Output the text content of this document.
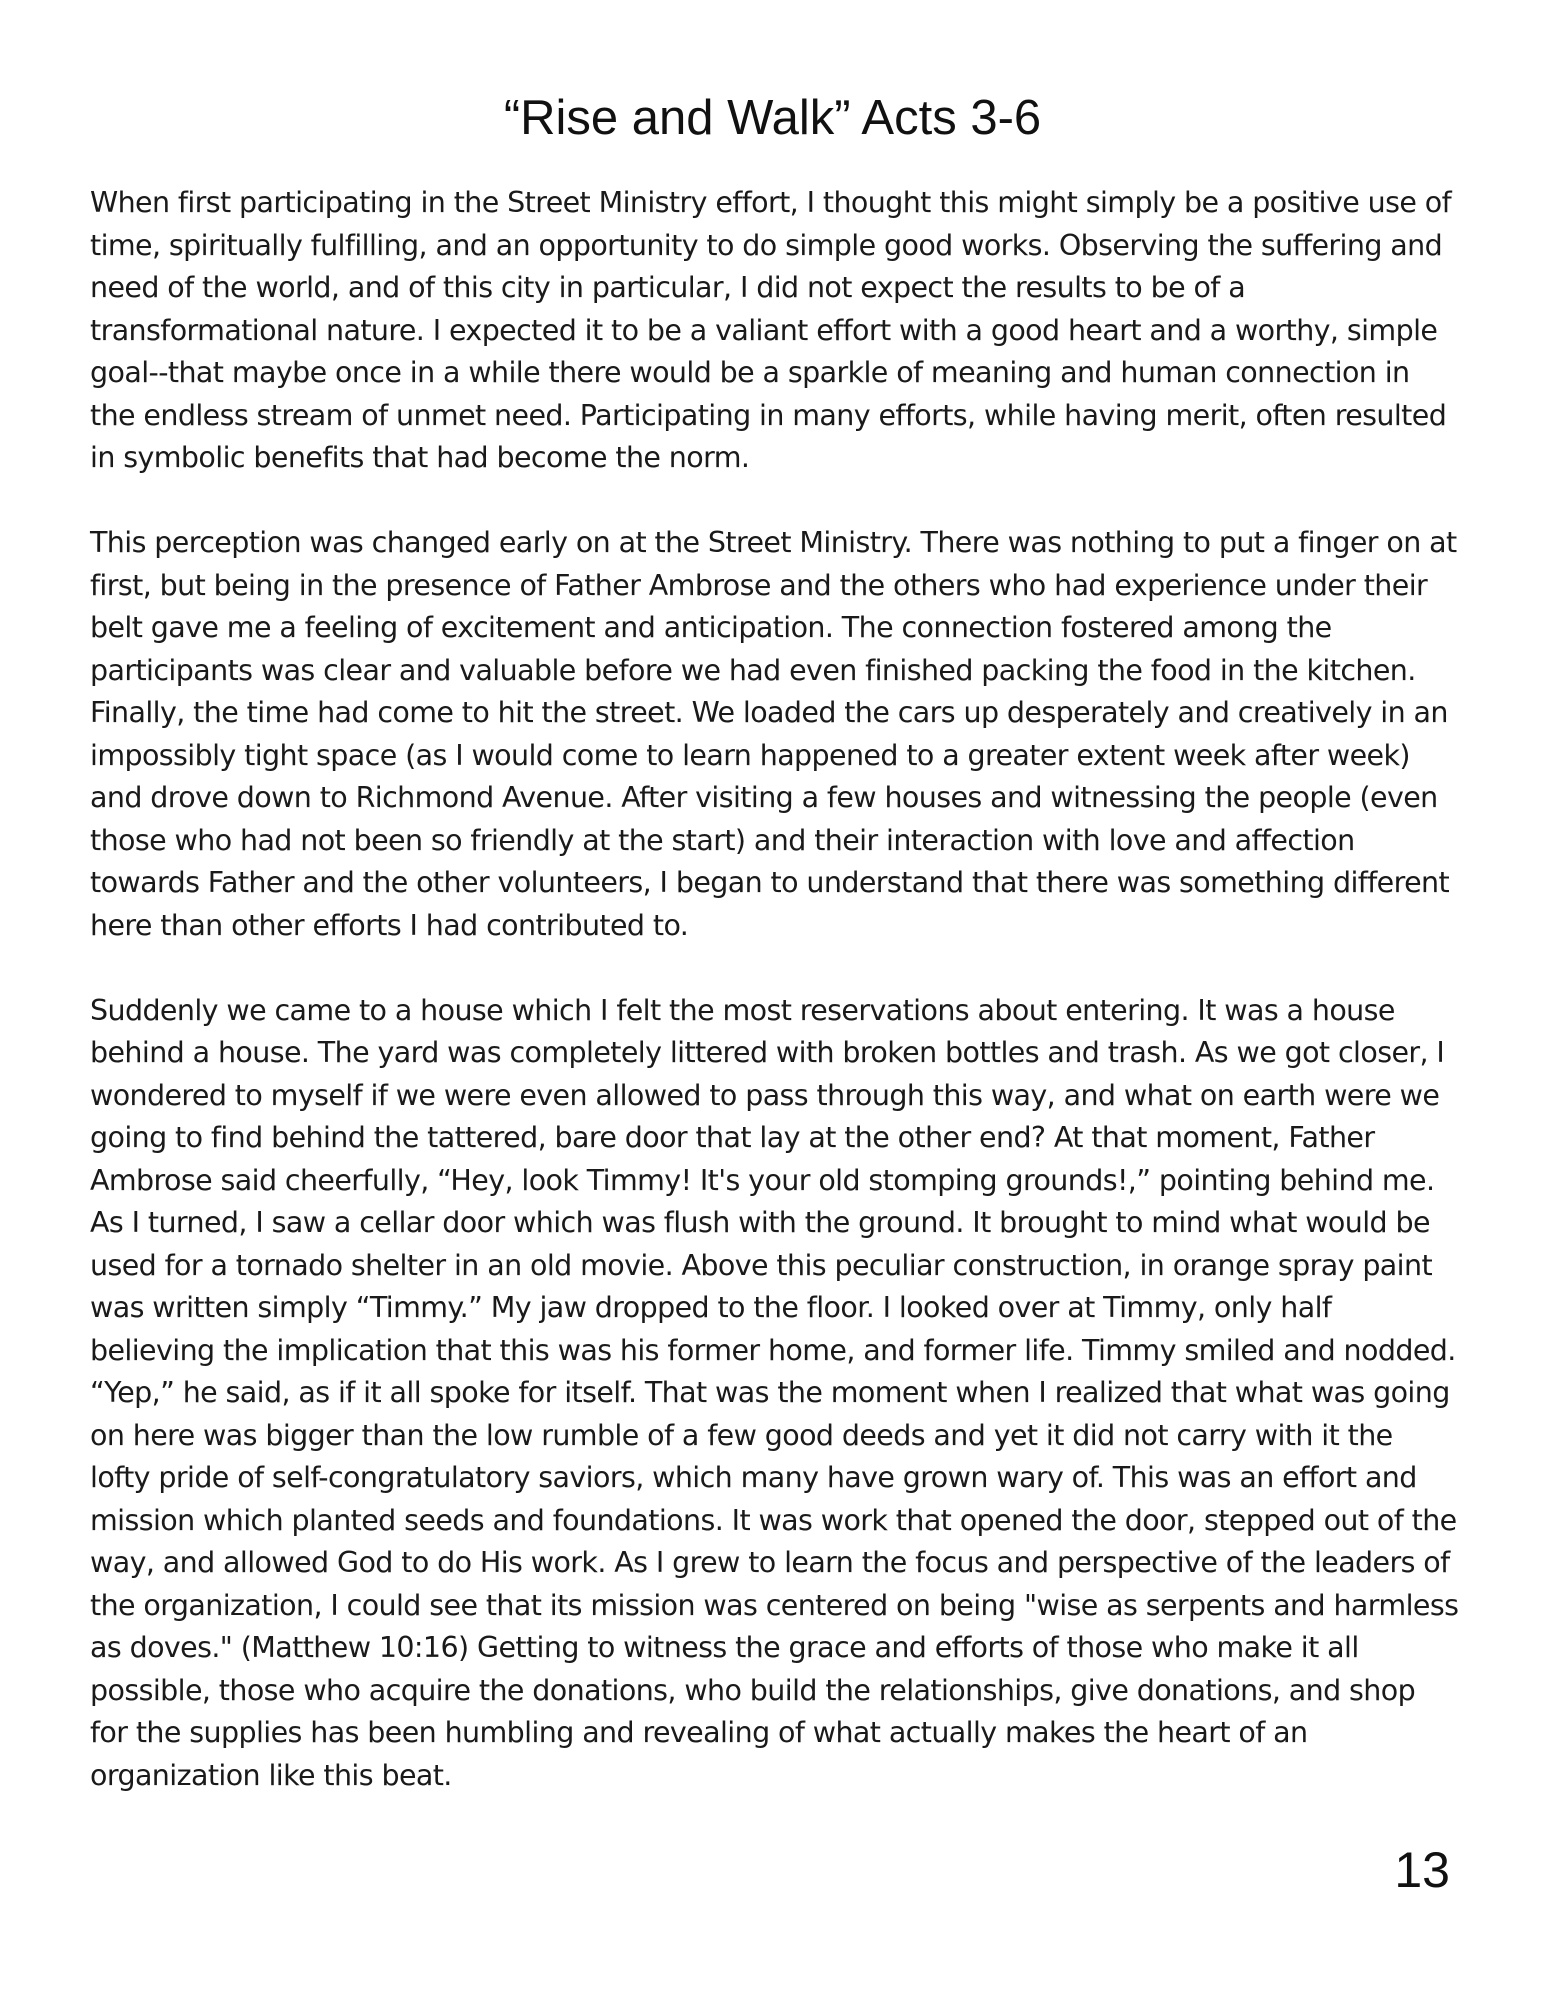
“Rise and Walk” Acts 3-6

When first participating in the Street Ministry effort, I thought this might simply be a positive use of time, spiritually fulfilling, and an opportunity to do simple good works. Observing the suffering and need of the world, and of this city in particular, I did not expect the results to be of a transformational nature. I expected it to be a valiant effort with a good heart and a worthy, simple goal--that maybe once in a while there would be a sparkle of meaning and human connection in the endless stream of unmet need. Participating in many efforts, while having merit, often resulted in symbolic benefits that had become the norm.

This perception was changed early on at the Street Ministry. There was nothing to put a finger on at first, but being in the presence of Father Ambrose and the others who had experience under their belt gave me a feeling of excitement and anticipation. The connection fostered among the participants was clear and valuable before we had even finished packing the food in the kitchen. Finally, the time had come to hit the street. We loaded the cars up desperately and creatively in an impossibly tight space (as I would come to learn happened to a greater extent week after week) and drove down to Richmond Avenue. After visiting a few houses and witnessing the people (even those who had not been so friendly at the start) and their interaction with love and affection towards Father and the other volunteers, I began to understand that there was something different here than other efforts I had contributed to.

Suddenly we came to a house which I felt the most reservations about entering. It was a house behind a house. The yard was completely littered with broken bottles and trash. As we got closer, I wondered to myself if we were even allowed to pass through this way, and what on earth were we going to find behind the tattered, bare door that lay at the other end? At that moment, Father Ambrose said cheerfully, “Hey, look Timmy! It's your old stomping grounds!,” pointing behind me. As I turned, I saw a cellar door which was flush with the ground. It brought to mind what would be used for a tornado shelter in an old movie. Above this peculiar construction, in orange spray paint was written simply “Timmy.” My jaw dropped to the floor. I looked over at Timmy, only half believing the implication that this was his former home, and former life. Timmy smiled and nodded. “Yep,” he said, as if it all spoke for itself. That was the moment when I realized that what was going on here was bigger than the low rumble of a few good deeds and yet it did not carry with it the lofty pride of self-congratulatory saviors, which many have grown wary of. This was an effort and mission which planted seeds and foundations. It was work that opened the door, stepped out of the way, and allowed God to do His work. As I grew to learn the focus and perspective of the leaders of the organization, I could see that its mission was centered on being "wise as serpents and harmless as doves." (Matthew 10:16) Getting to witness the grace and efforts of those who make it all possible, those who acquire the donations, who build the relationships, give donations, and shop for the supplies has been humbling and revealing of what actually makes the heart of an organization like this beat.

13
